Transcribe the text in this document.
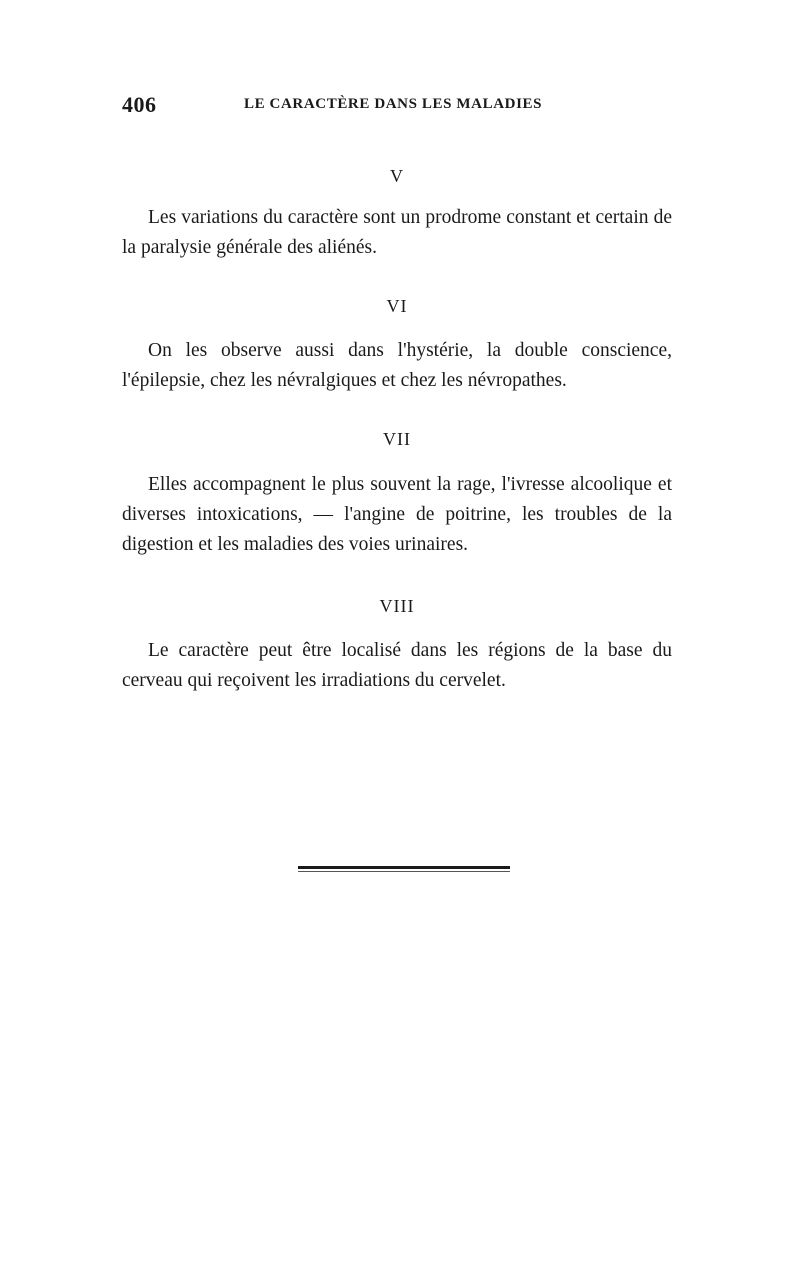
406	LE CARACTÈRE DANS LES MALADIES
V
Les variations du caractère sont un prodrome constant et certain de la paralysie générale des aliénés.
VI
On les observe aussi dans l'hystérie, la double conscience, l'épilepsie, chez les névralgiques et chez les névropathes.
VII
Elles accompagnent le plus souvent la rage, l'ivresse alcoolique et diverses intoxications, — l'angine de poitrine, les troubles de la digestion et les maladies des voies urinaires.
VIII
Le caractère peut être localisé dans les régions de la base du cerveau qui reçoivent les irradiations du cervelet.
